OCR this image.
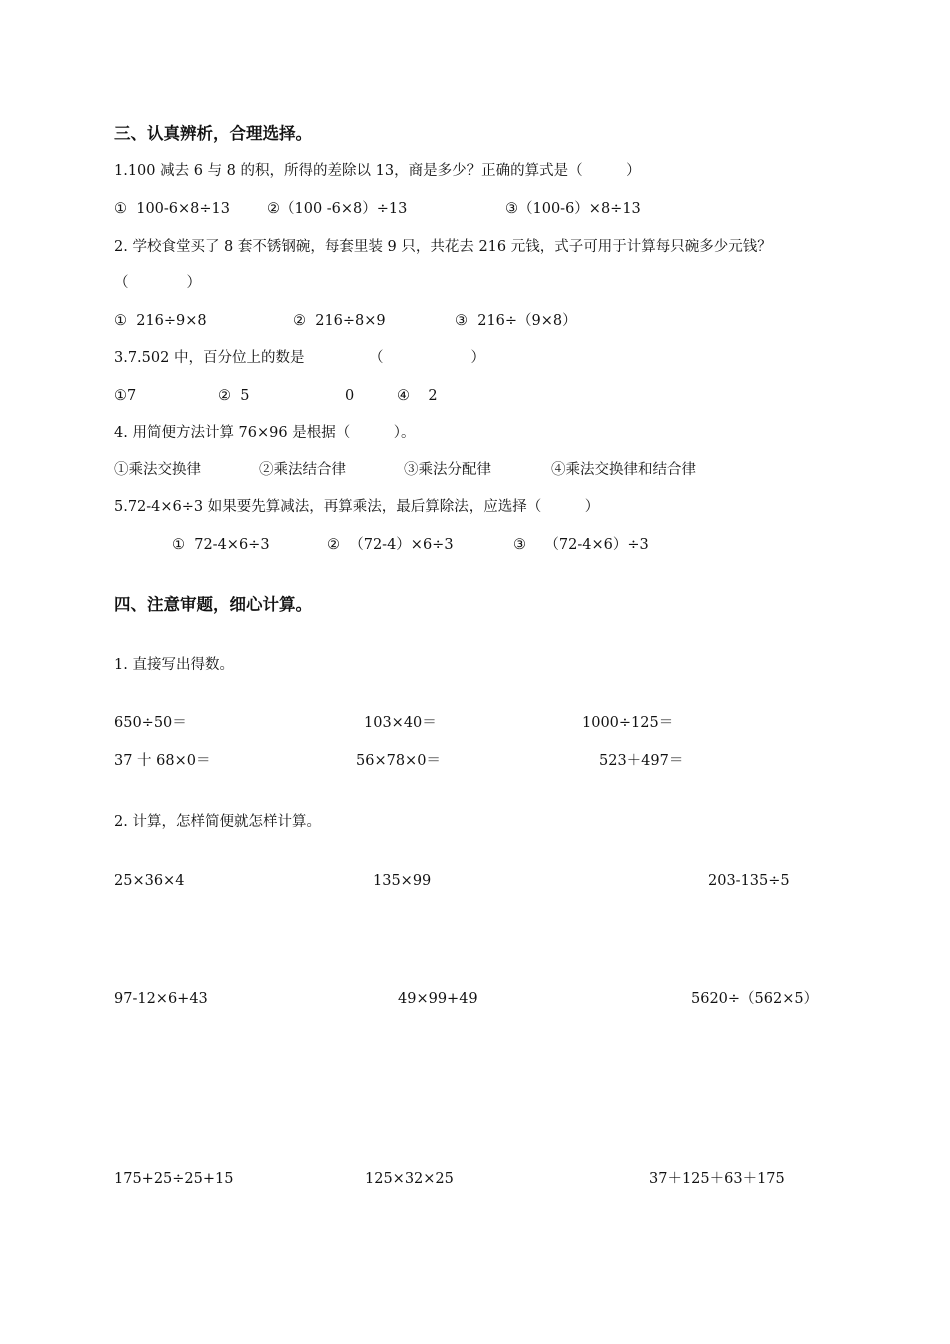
三、认真辨析，合理选择。
1.100 减去 6 与 8 的积，所得的差除以 13，商是多少？正确的算式是（　　　）
①  100-6×8÷13	②（100 -6×8）÷13	③（100-6）×8÷13
2. 学校食堂买了 8 套不锈钢碗，每套里装 9 只，共花去 216 元钱，式子可用于计算每只碗多少元钱？
（　　　　）
①  216÷9×8	②  216÷8×9	③  216÷（9×8）
3.7.502 中，百分位上的数是	（　　　　　　）
①7	②  5	0	④    2
4. 用简便方法计算 76×96 是根据（　　　）。
①乘法交换律	②乘法结合律	③乘法分配律	④乘法交换律和结合律
5.72-4×6÷3 如果要先算减法，再算乘法，最后算除法，应选择（　　　）
①  72-4×6÷3	②  （72-4）×6÷3	③    （72-4×6）÷3
四、注意审题，细心计算。
1. 直接写出得数。
650÷50＝	103×40＝	1000÷125＝
37 十 68×0＝	56×78×0＝	523＋497＝
2. 计算，怎样简便就怎样计算。
25×36×4	135×99	203-135÷5
97-12×6+43	49×99+49	5620÷（562×5）
175+25÷25+15	125×32×25	37＋125＋63＋175
